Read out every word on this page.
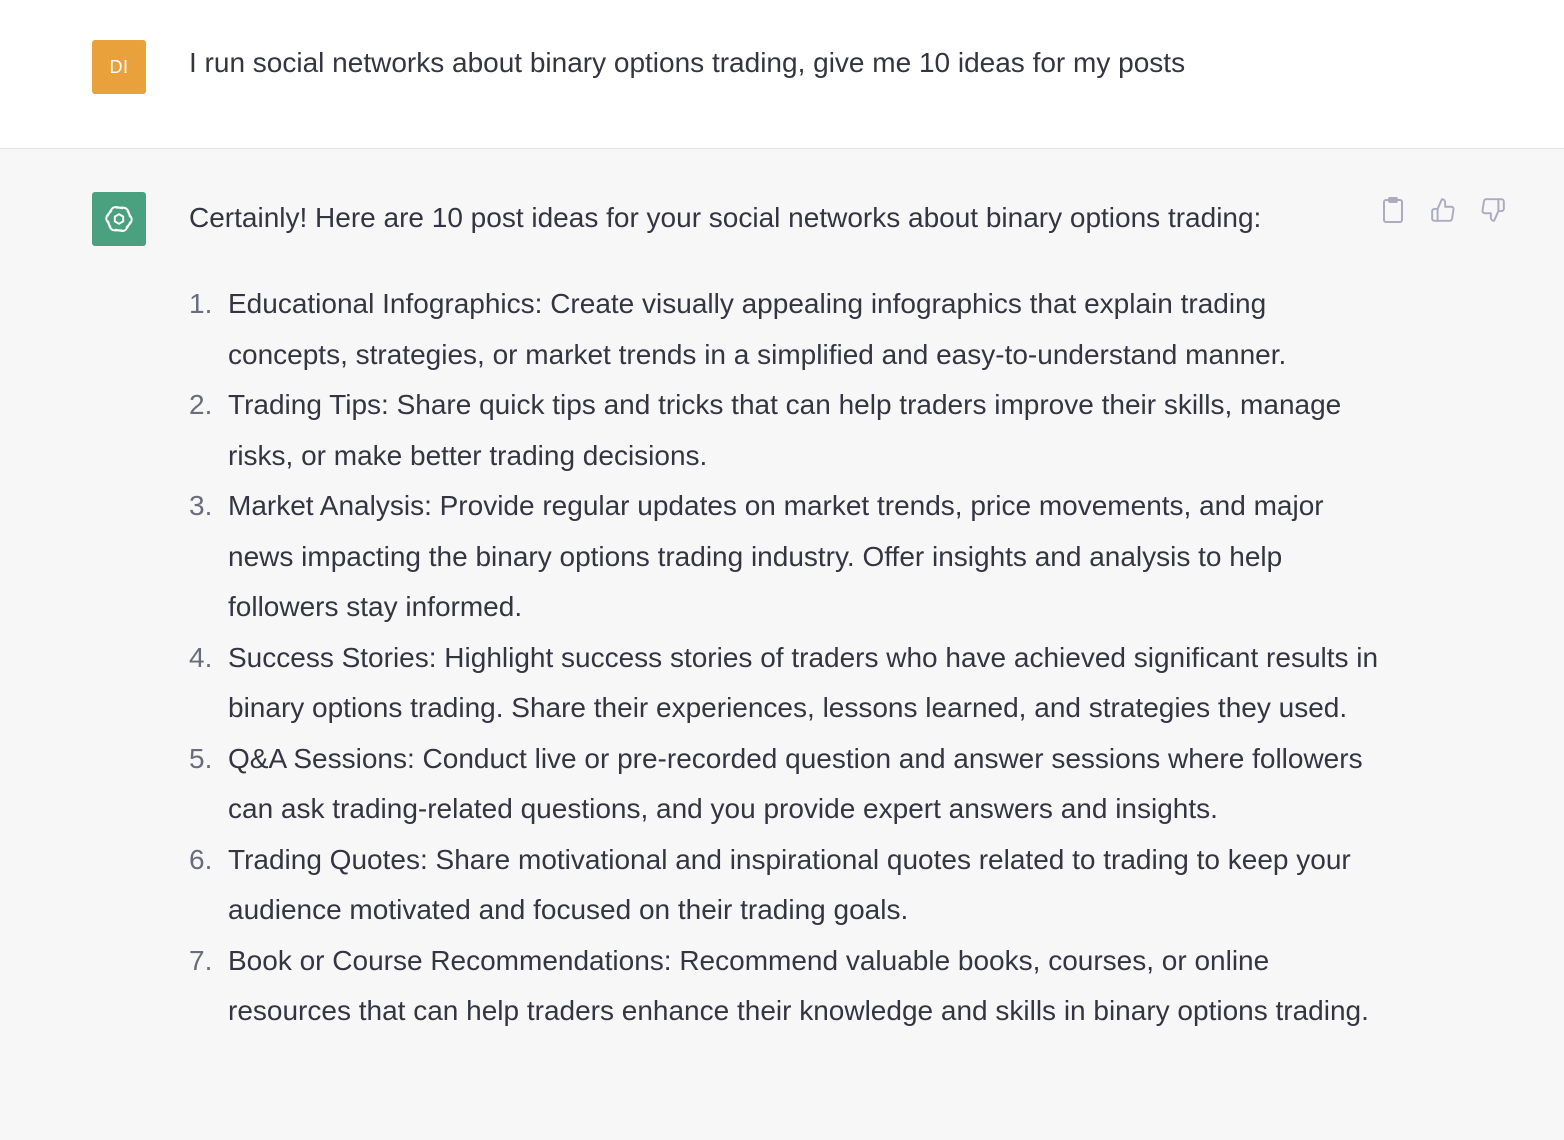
DI I run social networks about binary options trading, give me 10 ideas for my posts

Certainly! Here are 10 post ideas for your social networks about binary options trading:

1. Educational Infographics: Create visually appealing infographics that explain trading concepts, strategies, or market trends in a simplified and easy-to-understand manner.
2. Trading Tips: Share quick tips and tricks that can help traders improve their skills, manage risks, or make better trading decisions.
3. Market Analysis: Provide regular updates on market trends, price movements, and major news impacting the binary options trading industry. Offer insights and analysis to help followers stay informed.
4. Success Stories: Highlight success stories of traders who have achieved significant results in binary options trading. Share their experiences, lessons learned, and strategies they used.
5. Q&A Sessions: Conduct live or pre-recorded question and answer sessions where followers can ask trading-related questions, and you provide expert answers and insights.
6. Trading Quotes: Share motivational and inspirational quotes related to trading to keep your audience motivated and focused on their trading goals.
7. Book or Course Recommendations: Recommend valuable books, courses, or online resources that can help traders enhance their knowledge and skills in binary options trading.
